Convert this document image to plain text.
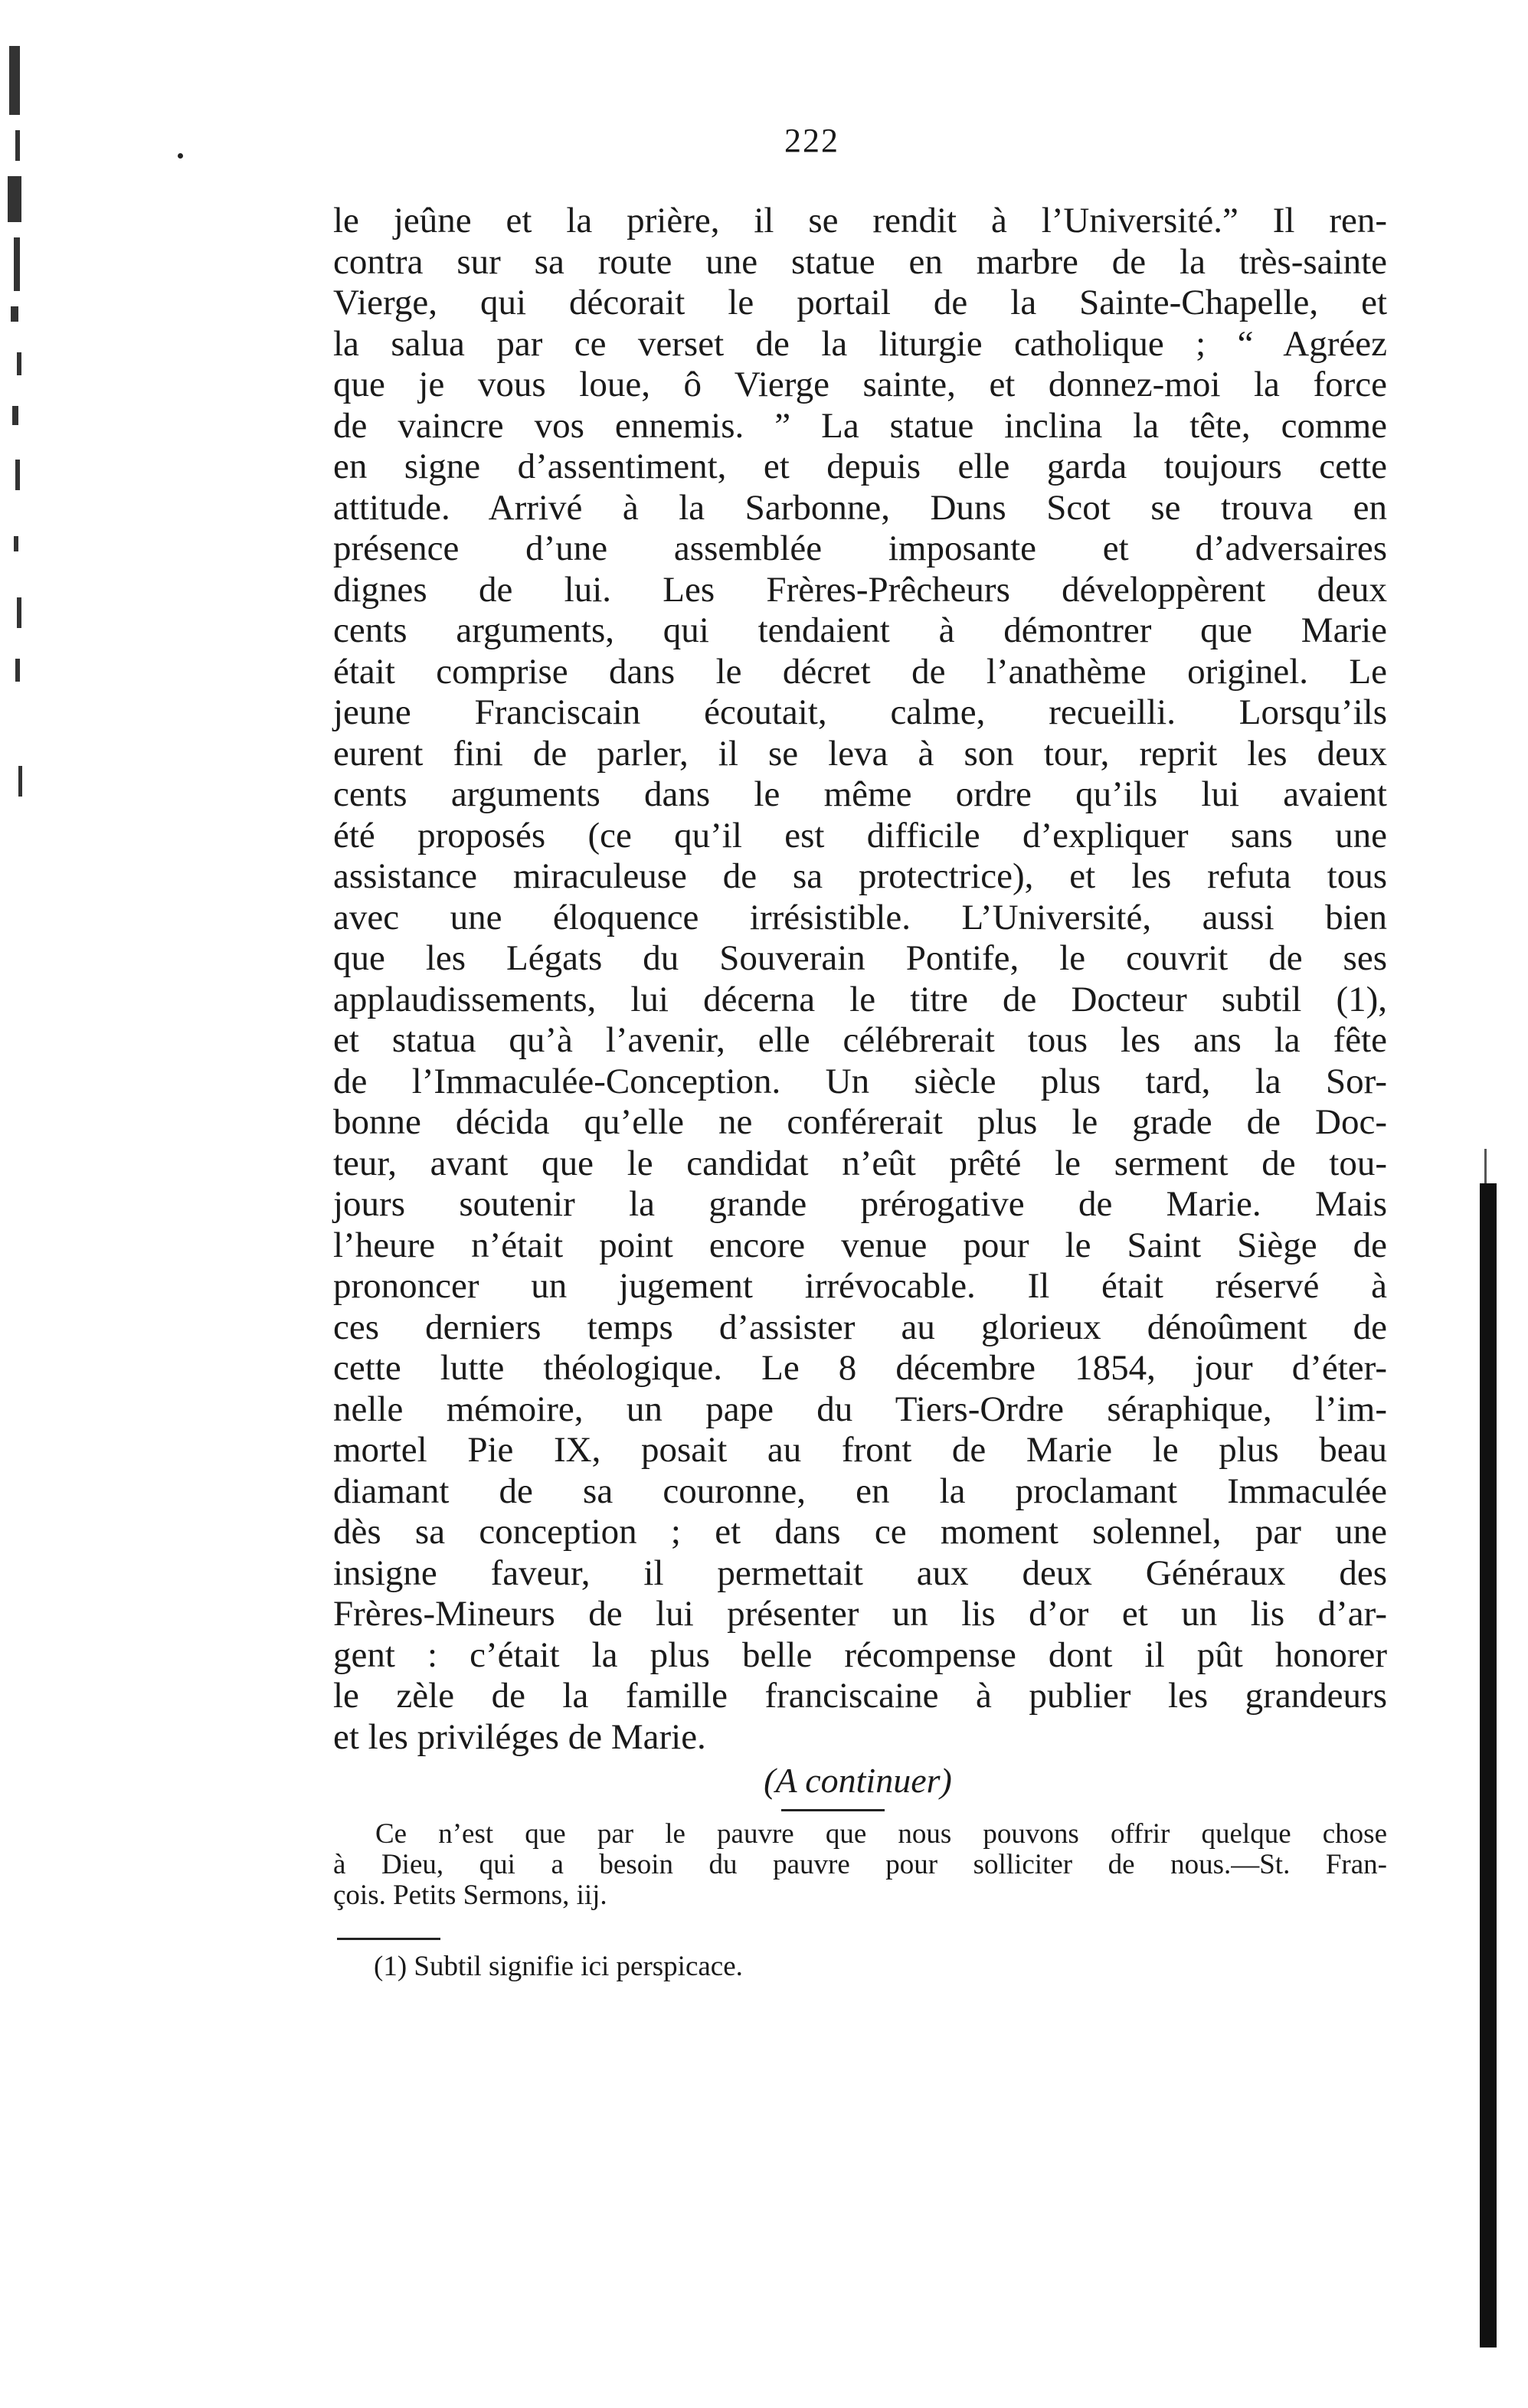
222
le jeûne et la prière, il se rendit à l’Université.” Il ren-
contra sur sa route une statue en marbre de la très-sainte
Vierge, qui décorait le portail de la Sainte-Chapelle, et
la salua par ce verset de la liturgie catholique ; “ Agréez
que je vous loue, ô Vierge sainte, et donnez-moi la force
de vaincre vos ennemis. ” La statue inclina la tête, comme
en signe d’assentiment, et depuis elle garda toujours cette
attitude. Arrivé à la Sarbonne, Duns Scot se trouva en
présence d’une assemblée imposante et d’adversaires
dignes de lui. Les Frères-Prêcheurs développèrent deux
cents arguments, qui tendaient à démontrer que Marie
était comprise dans le décret de l’anathème originel. Le
jeune Franciscain écoutait, calme, recueilli. Lorsqu’ils
eurent fini de parler, il se leva à son tour, reprit les deux
cents arguments dans le même ordre qu’ils lui avaient
été proposés (ce qu’il est difficile d’expliquer sans une
assistance miraculeuse de sa protectrice), et les refuta tous
avec une éloquence irrésistible. L’Université, aussi bien
que les Légats du Souverain Pontife, le couvrit de ses
applaudissements, lui décerna le titre de Docteur subtil (1),
et statua qu’à l’avenir, elle célébrerait tous les ans la fête
de l’Immaculée-Conception. Un siècle plus tard, la Sor-
bonne décida qu’elle ne conférerait plus le grade de Doc-
teur, avant que le candidat n’eût prêté le serment de tou-
jours soutenir la grande prérogative de Marie. Mais
l’heure n’était point encore venue pour le Saint Siège de
prononcer un jugement irrévocable. Il était réservé à
ces derniers temps d’assister au glorieux dénoûment de
cette lutte théologique. Le 8 décembre 1854, jour d’éter-
nelle mémoire, un pape du Tiers-Ordre séraphique, l’im-
mortel Pie IX, posait au front de Marie le plus beau
diamant de sa couronne, en la proclamant Immaculée
dès sa conception ; et dans ce moment solennel, par une
insigne faveur, il permettait aux deux Généraux des
Frères-Mineurs de lui présenter un lis d’or et un lis d’ar-
gent : c’était la plus belle récompense dont il pût honorer
le zèle de la famille franciscaine à publier les grandeurs
et les priviléges de Marie.
(A continuer)
Ce n’est que par le pauvre que nous pouvons offrir quelque chose
à Dieu, qui a besoin du pauvre pour solliciter de nous.—St. Fran-
çois. Petits Sermons, iij.
(1) Subtil signifie ici perspicace.
